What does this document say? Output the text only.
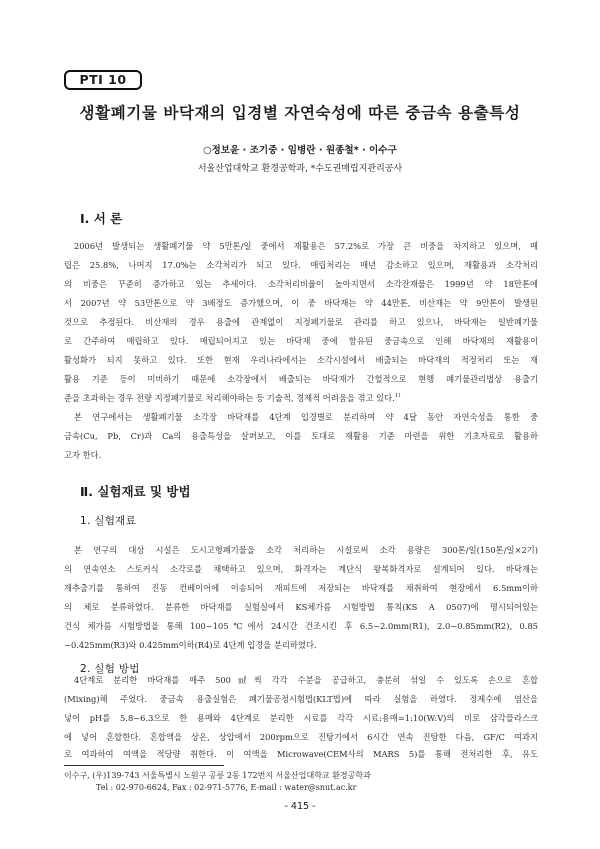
PTI 10
생활폐기물 바닥재의 입경별 자연숙성에 따른 중금속 용출특성
○정보윤 · 조기중 · 임병란 · 원종철* · 이수구
서울산업대학교 환경공학과, *수도권매립지관리공사
Ⅰ. 서 론
2006년 발생되는 생활폐기물 약 5만톤/일 중에서 재활용은 57.2%로 가장 큰 비중을 차지하고 있으며, 매
립은 25.8%, 나머지 17.0%는 소각처리가 되고 있다. 매립처리는 매년 감소하고 있으며, 재활용과 소각처리
의 비중은 꾸준히 증가하고 있는 추세이다. 소각처리비율이 높아지면서 소각잔재물은 1999년 약 18만톤에
서 2007년 약 53만톤으로 약 3배정도 증가했으며, 이 중 바닥재는 약 44만톤, 비산재는 약 9만톤이 발생된
것으로 추정된다. 비산재의 경우 용출에 관계없이 지정폐기물로 관리를 하고 있으나, 바닥재는 일반폐기물
로 간주하여 매립하고 있다. 매립되어지고 있는 바닥재 중에 함유된 중금속으로 인해 바닥재의 재활용이
활성화가 되지 못하고 있다. 또한 현재 우리나라에서는 소각시설에서 배출되는 바닥재의 적정처리 또는 재
활용 기준 등이 미비하기 때문에 소각장에서 배출되는 바닥재가 간헐적으로 현행 폐기물관리법상 용출기
준을 초과하는 경우 전량 지정폐기물로 처리해야하는 등 기술적, 경제적 어려움을 겪고 있다.$^{1)}$
본 연구에서는 생활폐기물 소각장 바닥재를 4단계 입경별로 분리하여 약 4달 동안 자연숙성을 통한 중
금속(Cu, Pb, Cr)과 Ca의 용출특성을 살펴보고, 이를 토대로 재활용 기준 마련을 위한 기초자료로 활용하
고자 한다.
Ⅱ. 실험재료 및 방법
1. 실험재료
본 연구의 대상 시설은 도시고형폐기물을 소각 처리하는 시설로써 소각 용량은 300톤/일(150톤/일×2기)
의 연속연소 스토커식 소각로를 채택하고 있으며, 화격자는 계단식 왕복화격자로 설계되어 있다. 바닥재는
재추출기를 통하여 진동 컨베이어에 이송되어 재피트에 저장되는 바닥재를 채취하여 현장에서 6.5mm이하
의 체로 분류하였다. 분류한 바닥재를 실험실에서 KS체가름 시험방법 통칙(KS A 0507)에 명시되어있는
건식 체가름 시험방법을 통해 100~105℃에서 24시간 건조시킨 후 6.5~2.0mm(R1), 2.0~0.85mm(R2), 0.85
~0.425mm(R3)와 0.425mm이하(R4)로 4단계 입경을 분리하였다.
2. 실험 방법
4단계로 분리한 바닥재를 매주 500㎖씩 각각 수분을 공급하고, 충분히 섞일 수 있도록 손으로 혼합
(Mixing)해 주었다. 중금속 용출실험은 폐기물공정시험법(KLT법)에 따라 실험을 하였다. 정제수에 염산을
넣어 pH를 5.8~6.3으로 한 용매와 4단계로 분리한 시료를 각각 시료:용매=1:10(W:V)의 비로 삼각플라스크
에 넣어 혼합한다. 혼합액을 상온, 상압에서 200rpm으로 진탕기에서 6시간 연속 진탕한 다음, GF/C 여과지
로 여과하여 여액을 적당량 취한다. 이 여액을 Microwave(CEM사의 MARS 5)를 통해 전처리한 후, 유도
이수구, (우)139-743 서울특별시 노원구 공릉 2동 172번지 서울산업대학교 환경공학과
Tel : 02-970-6624, Fax : 02-971-5776, E-mail : water@snut.ac.kr
- 415 -
